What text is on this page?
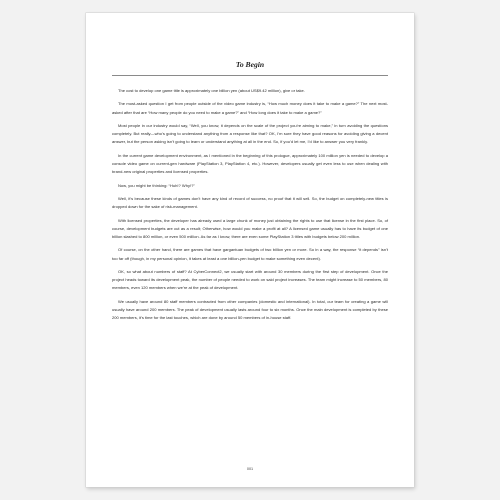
To Begin

The cost to develop one game title is approximately one billion yen (about US$9.42 million), give or take.

The most-asked question I get from people outside of the video game industry is, “How much money does it take to make a game?” The next most-asked after that are “How many people do you need to make a game?” and “How long does it take to make a game?”

Most people in our industry would say, “Well, you know, it depends on the scale of the project you’re aiming to make,” in turn avoiding the questions completely. But really—who’s going to understand anything from a response like that? OK, I’m sure they have good reasons for avoiding giving a decent answer, but the person asking isn’t going to learn or understand anything at all in the end. So, if you’d let me, I’d like to answer you very frankly.

In the current game development environment, as I mentioned in the beginning of this prologue, approximately 100 million yen is needed to develop a console video game on current-gen hardware (PlayStation 3, PlayStation 4, etc.). However, developers usually get even less to use when dealing with brand-new original properties and licensed properties.

Now, you might be thinking: “Huh!? Why!?”

Well, it’s because these kinds of games don’t have any kind of record of success, no proof that it will sell. So, the budget on completely-new titles is dropped down for the sake of risk-management.

With licensed properties, the developer has already used a large chunk of money just obtaining the rights to use that license in the first place. So, of course, development budgets are cut as a result; Otherwise, how would you make a profit at all? A licensed game usually has to have its budget of one billion slashed to 800 million, or even 500 million. As far as I know, there are even some PlayStation 3 titles with budgets below 200 million.

Of course, on the other hand, there are games that have gargantuan budgets of two billion yen or more. So in a way, the response “it depends” isn’t too far off (though, in my personal opinion, it takes at least a one billion-yen budget to make something even decent).

OK, so what about numbers of staff? At CyberConnect2, we usually start with around 30 members during the first step of development. Once the project heads toward its development peak, the number of people needed to work on said project increases. The team might increase to 50 members, 80 members, even 120 members when we’re at the peak of development.

We usually have around 80 staff members contracted from other companies (domestic and international). In total, our team for creating a game will usually have around 200 members. The peak of development usually lasts around four to six months. Once the main development is completed by these 200 members, it’s time for the last touches, which are done by around 50 members of in-house staff.

001
